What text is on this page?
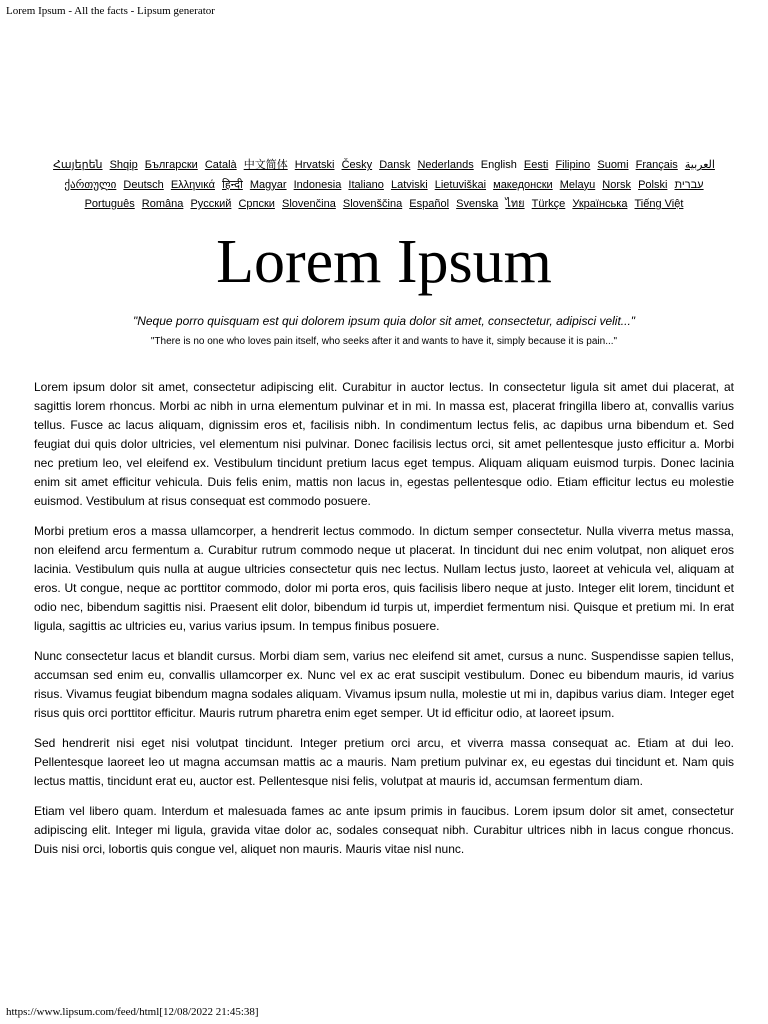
Lorem Ipsum - All the facts - Lipsum generator
Հայերեն Shqip	‫العربية Български Català 中文简体 Hrvatski Česky Dansk Nederlands English Eesti Filipino Suomi Français
ქართული Deutsch Ελληνικά	‫עברית हिन्दी Magyar Indonesia Italiano Latviski Lietuviškai македонски Melayu Norsk Polski
Português Româna Pycский Српски Slovenčina Slovenščina Español Svenska ไทย Türkçe Українська Tiếng Việt
Lorem Ipsum
"Neque porro quisquam est qui dolorem ipsum quia dolor sit amet, consectetur, adipisci velit..."
"There is no one who loves pain itself, who seeks after it and wants to have it, simply because it is pain..."

Lorem ipsum dolor sit amet, consectetur adipiscing elit. Curabitur in auctor lectus. In consectetur ligula sit amet dui placerat, at sagittis lorem rhoncus. Morbi ac nibh in urna elementum pulvinar et in mi. In massa est, placerat fringilla libero at, convallis varius tellus. Fusce ac lacus aliquam, dignissim eros et, facilisis nibh. In condimentum lectus felis, ac dapibus urna bibendum et. Sed feugiat dui quis dolor ultricies, vel elementum nisi pulvinar. Donec facilisis lectus orci, sit amet pellentesque justo efficitur a. Morbi nec pretium leo, vel eleifend ex. Vestibulum tincidunt pretium lacus eget tempus. Aliquam aliquam euismod turpis. Donec lacinia enim sit amet efficitur vehicula. Duis felis enim, mattis non lacus in, egestas pellentesque odio. Etiam efficitur lectus eu molestie euismod. Vestibulum at risus consequat est commodo posuere.

Morbi pretium eros a massa ullamcorper, a hendrerit lectus commodo. In dictum semper consectetur. Nulla viverra metus massa, non eleifend arcu fermentum a. Curabitur rutrum commodo neque ut placerat. In tincidunt dui nec enim volutpat, non aliquet eros lacinia. Vestibulum quis nulla at augue ultricies consectetur quis nec lectus. Nullam lectus justo, laoreet at vehicula vel, aliquam at eros. Ut congue, neque ac porttitor commodo, dolor mi porta eros, quis facilisis libero neque at justo. Integer elit lorem, tincidunt et odio nec, bibendum sagittis nisi. Praesent elit dolor, bibendum id turpis ut, imperdiet fermentum nisi. Quisque et pretium mi. In erat ligula, sagittis ac ultricies eu, varius varius ipsum. In tempus finibus posuere.

Nunc consectetur lacus et blandit cursus. Morbi diam sem, varius nec eleifend sit amet, cursus a nunc. Suspendisse sapien tellus, accumsan sed enim eu, convallis ullamcorper ex. Nunc vel ex ac erat suscipit vestibulum. Donec eu bibendum mauris, id varius risus. Vivamus feugiat bibendum magna sodales aliquam. Vivamus ipsum nulla, molestie ut mi in, dapibus varius diam. Integer eget risus quis orci porttitor efficitur. Mauris rutrum pharetra enim eget semper. Ut id efficitur odio, at laoreet ipsum.

Sed hendrerit nisi eget nisi volutpat tincidunt. Integer pretium orci arcu, et viverra massa consequat ac. Etiam at dui leo. Pellentesque laoreet leo ut magna accumsan mattis ac a mauris. Nam pretium pulvinar ex, eu egestas dui tincidunt et. Nam quis lectus mattis, tincidunt erat eu, auctor est. Pellentesque nisi felis, volutpat at mauris id, accumsan fermentum diam.

Etiam vel libero quam. Interdum et malesuada fames ac ante ipsum primis in faucibus. Lorem ipsum dolor sit amet, consectetur adipiscing elit. Integer mi ligula, gravida vitae dolor ac, sodales consequat nibh. Curabitur ultrices nibh in lacus congue rhoncus. Duis nisi orci, lobortis quis congue vel, aliquet non mauris. Mauris vitae nisl nunc.

https://www.lipsum.com/feed/html[12/08/2022 21:45:38]
